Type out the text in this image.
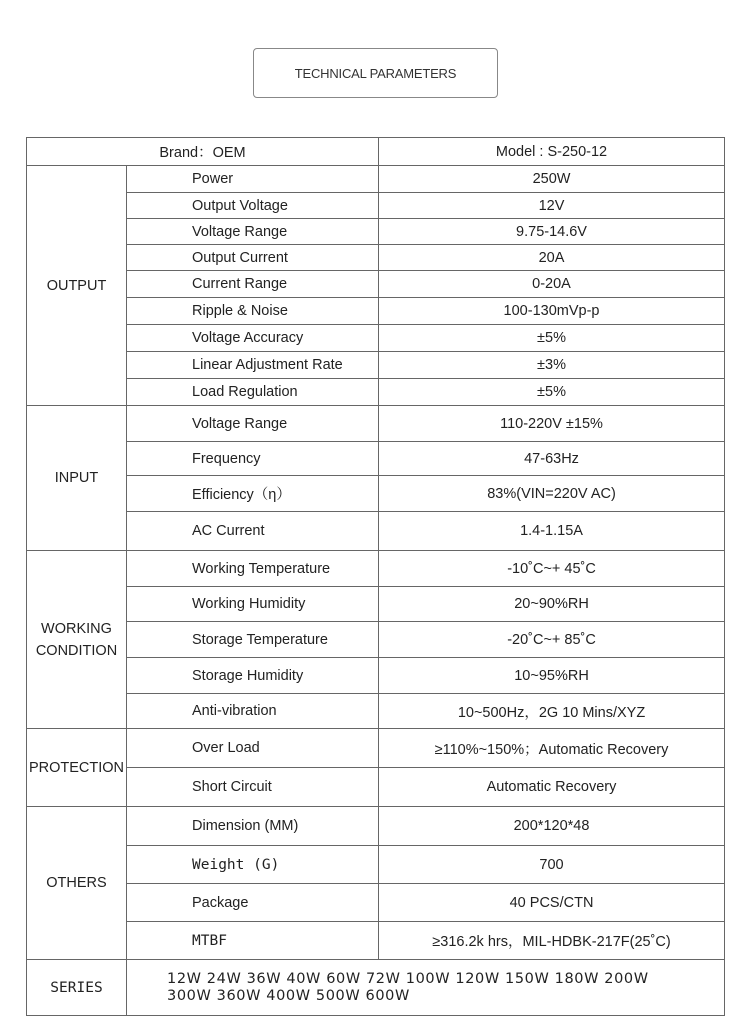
TECHNICAL PARAMETERS
Brand：OEM		Model : S-250-12
OUTPUT	Power	250W
	Output Voltage	12V
	Voltage Range	9.75-14.6V
	Output Current	20A
	Current Range	0-20A
	Ripple & Noise	100-130mVp-p
	Voltage Accuracy	±5%
	Linear Adjustment Rate	±3%
	Load Regulation	±5%
INPUT	Voltage Range	110-220V ±15%
	Frequency	47-63Hz
	Efficiency（η）	83%(VIN=220V AC)
	AC Current	1.4-1.15A

WORKING
CONDITION	Working Temperature	-10˚C~+ 45˚C
	Working Humidity	20~90%RH
	Storage Temperature	-20˚C~+ 85˚C
	Storage Humidity	10~95%RH
	Anti-vibration	10~500Hz，2G 10 Mins/XYZ
PROTECTION	Over Load	≥110%~150%；Automatic Recovery
	Short Circuit	Automatic Recovery
OTHERS	Dimension (MM)	200*120*48
	Weight (G)	700
	Package	40 PCS/CTN
	MTBF	≥316.2k hrs，MIL-HDBK-217F(25˚C)
SERIES	12W 24W 36W 40W 60W 72W 100W 120W 150W 180W 200W
300W 360W 400W 500W 600W	
